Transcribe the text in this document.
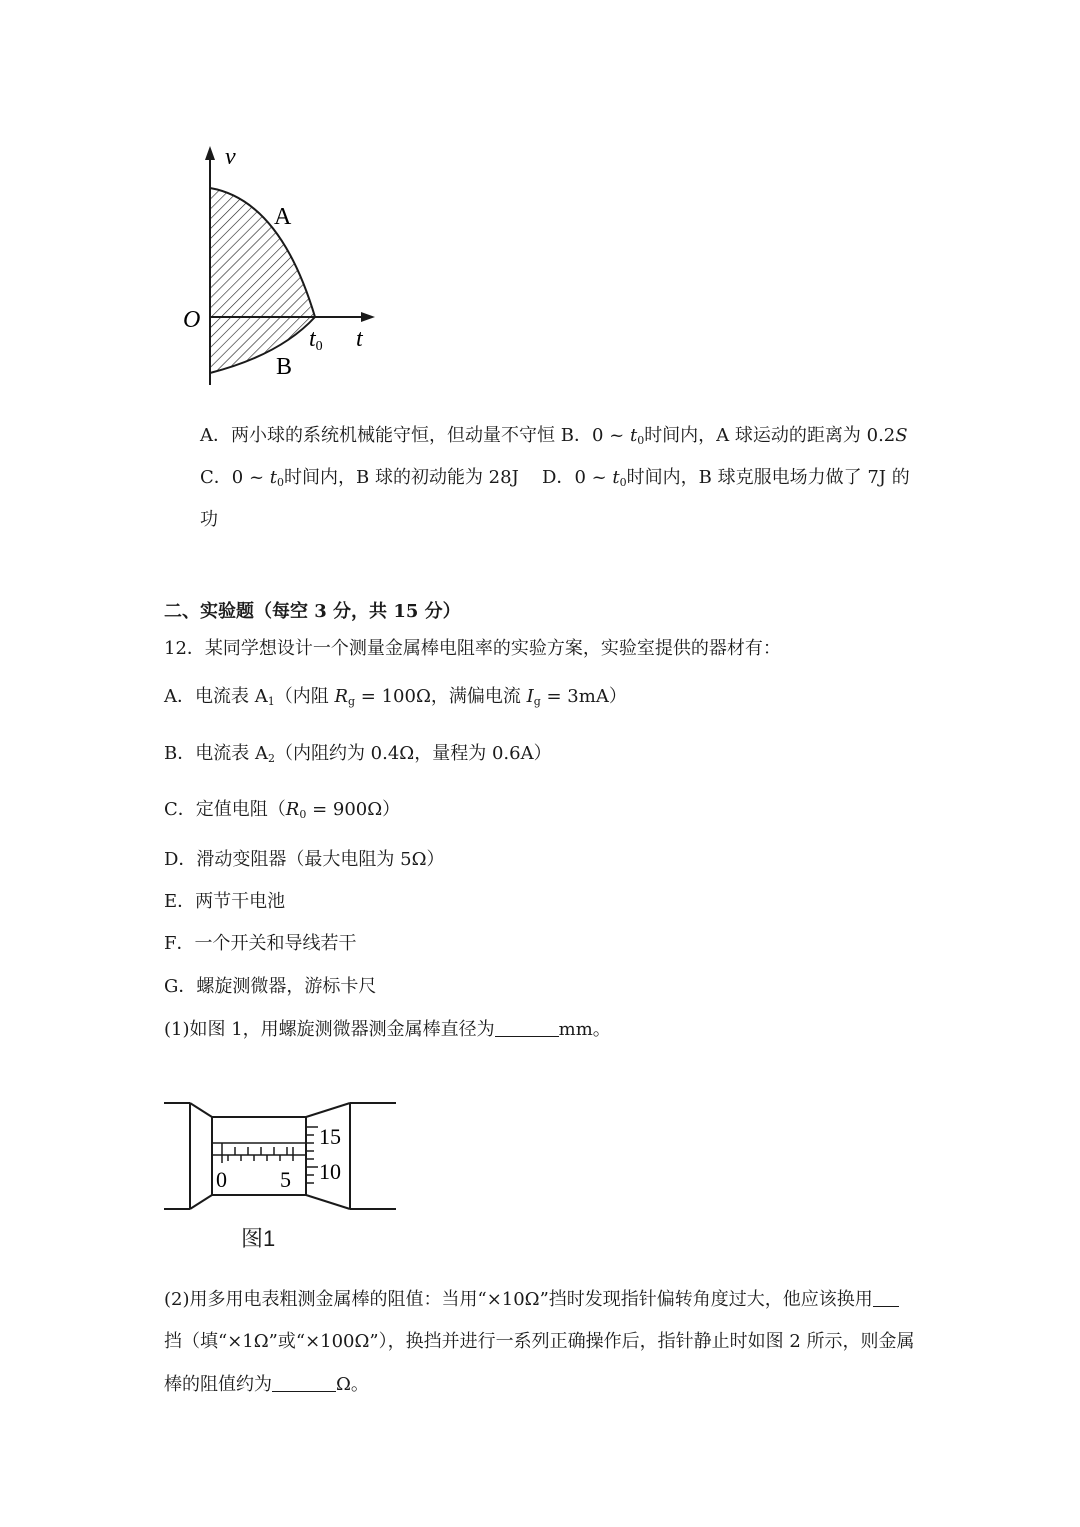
v
t
O
t0
A
B
A．两小球的系统机械能守恒，但动量不守恒 B．0 ~ $t_0$时间内，A 球运动的距离为 0.2S
C．0 ~ $t_0$时间内，B 球的初动能为 28J D．0 ~ $t_0$时间内，B 球克服电场力做了 7J 的
功
二、实验题（每空 3 分，共 15 分）
12．某同学想设计一个测量金属棒电阻率的实验方案，实验室提供的器材有：
A．电流表 $A_1$（内阻 $R_g = 100\Omega$，满偏电流 $I_g = 3mA$）
B．电流表 $A_2$（内阻约为 0.4Ω，量程为 0.6A）
C．定值电阻$(R_0 = 900\Omega)$
D．滑动变阻器（最大电阻为 5Ω）
E．两节干电池
F．一个开关和导线若干
G．螺旋测微器，游标卡尺
(1)如图 1，用螺旋测微器测金属棒直径为	mm。
0 5
15
10
图1
(2)用多用电表粗测金属棒的阻值：当用“×10Ω”挡时发现指针偏转角度过大，他应该换用
挡（填“×1Ω”或“×100Ω”），换挡并进行一系列正确操作后，指针静止时如图 2 所示，则金属
棒的阻值约为	Ω。
